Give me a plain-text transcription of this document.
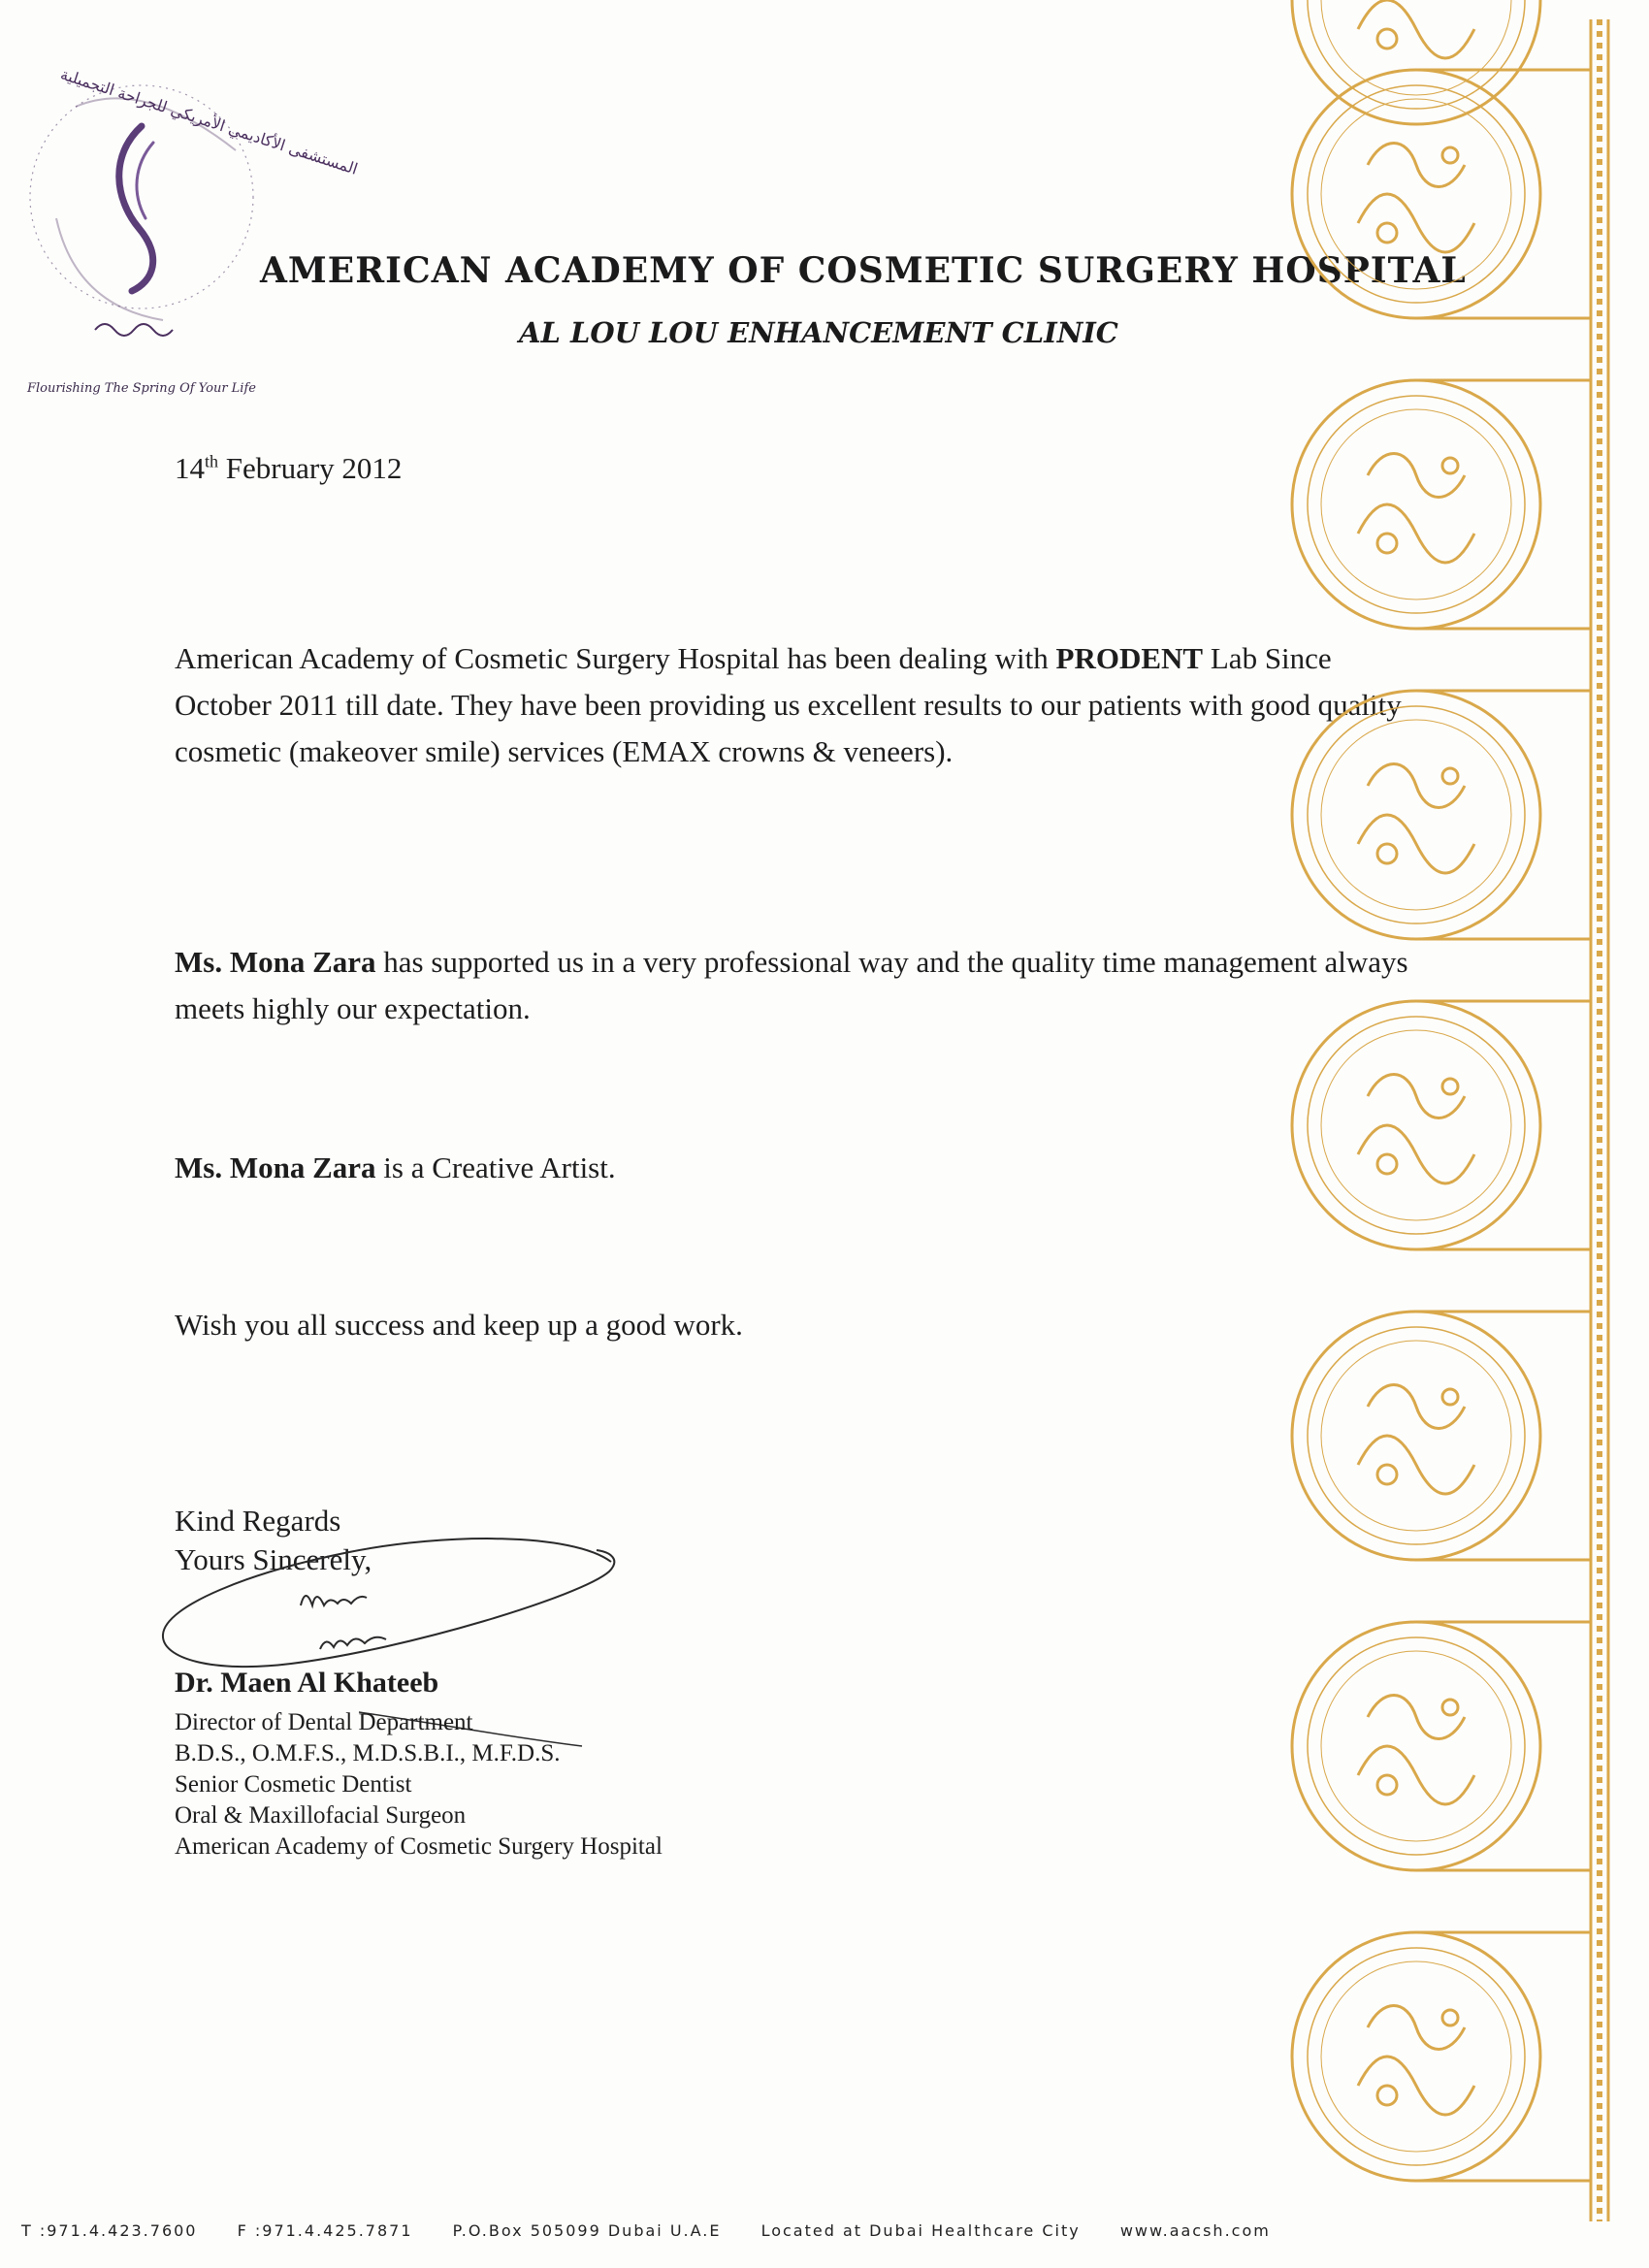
المستشفى الأكاديمي الأمريكي للجراحة التجميلية
Flourishing The Spring Of Your Life
AMERICAN ACADEMY OF COSMETIC SURGERY HOSPITAL
AL LOU LOU ENHANCEMENT CLINIC
14th February 2012
American Academy of Cosmetic Surgery Hospital has been dealing with PRODENT Lab Since October 2011 till date. They have been providing us excellent results to our patients with good quality cosmetic (makeover smile) services (EMAX crowns & veneers).
Ms. Mona Zara has supported us in a very professional way and the quality time management always meets highly our expectation.
Ms. Mona Zara is a Creative Artist.
Wish you all success and keep up a good work.
Kind Regards
Yours Sincerely,
Dr. Maen Al Khateeb
Director of Dental Department
B.D.S., O.M.F.S., M.D.S.B.I., M.F.D.S.
Senior Cosmetic Dentist
Oral & Maxillofacial Surgeon
American Academy of Cosmetic Surgery Hospital
T :971.4.423.7600	F :971.4.425.7871	P.O.Box 505099 Dubai U.A.E	Located at Dubai Healthcare City	www.aacsh.com
